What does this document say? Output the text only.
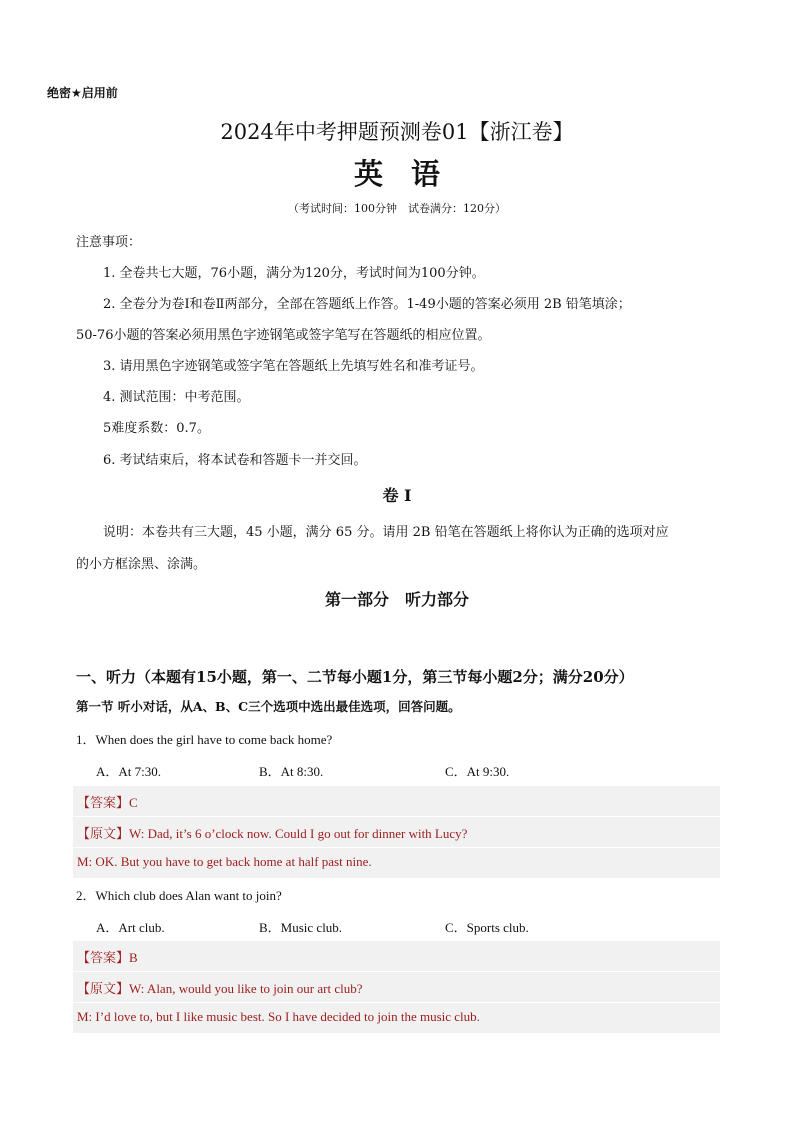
绝密★启用前
2024年中考押题预测卷01【浙江卷】
英语
（考试时间：100分钟　试卷满分：120分）
注意事项：
1. 全卷共七大题，76小题，满分为120分，考试时间为100分钟。
2. 全卷分为卷Ⅰ和卷Ⅱ两部分，全部在答题纸上作答。1-49小题的答案必须用 2B 铅笔填涂；
50-76小题的答案必须用黑色字迹钢笔或签字笔写在答题纸的相应位置。
3. 请用黑色字迹钢笔或签字笔在答题纸上先填写姓名和准考证号。
4. 测试范围：中考范围。
5难度系数：0.7。
6. 考试结束后，将本试卷和答题卡一并交回。
卷 I
说明：本卷共有三大题，45 小题，满分 65 分。请用 2B 铅笔在答题纸上将你认为正确的选项对应
的小方框涂黑、涂满。
第一部分　听力部分
一、听力（本题有15小题，第一、二节每小题1分，第三节每小题2分；满分20分）
第一节 听小对话，从A、B、C三个选项中选出最佳选项，回答问题。
1．When does the girl have to come back home?
A．At 7:30.	B．At 8:30.	C．At 9:30.
【答案】C
【原文】W: Dad, it’s 6 o’clock now. Could I go out for dinner with Lucy?
M: OK. But you have to get back home at half past nine.
2．Which club does Alan want to join?
A．Art club.	B．Music club.	C．Sports club.
【答案】B
【原文】W: Alan, would you like to join our art club?
M: I’d love to, but I like music best. So I have decided to join the music club.
